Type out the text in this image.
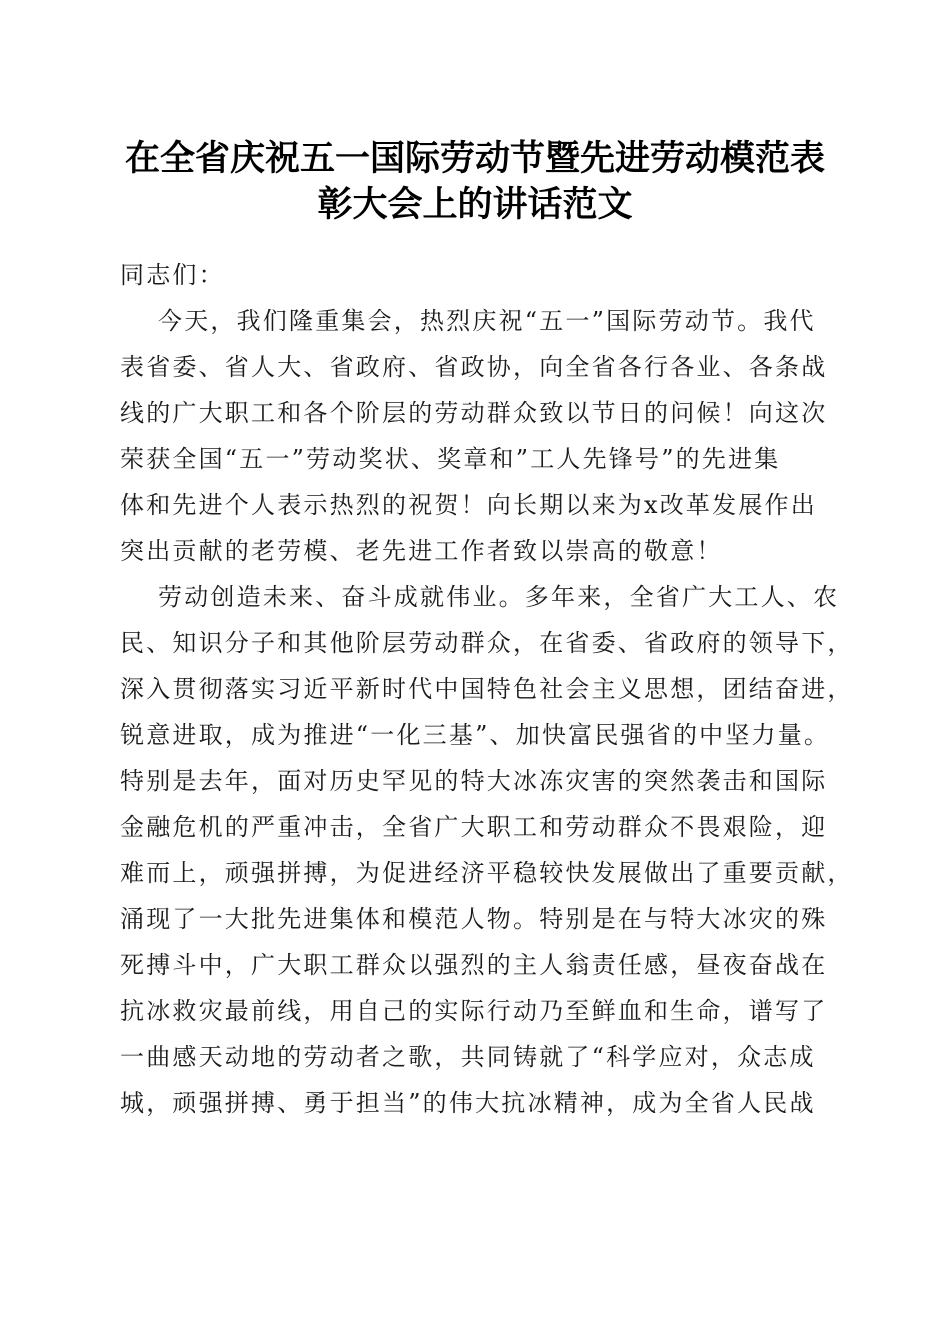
在全省庆祝五一国际劳动节暨先进劳动模范表
彰大会上的讲话范文
同志们：
今天，我们隆重集会，热烈庆祝“五一”国际劳动节。我代
表省委、省人大、省政府、省政协，向全省各行各业、各条战
线的广大职工和各个阶层的劳动群众致以节日的问候！向这次
荣获全国“五一”劳动奖状、奖章和”工人先锋号”的先进集
体和先进个人表示热烈的祝贺！向长期以来为x改革发展作出
突出贡献的老劳模、老先进工作者致以崇高的敬意！
劳动创造未来、奋斗成就伟业。多年来，全省广大工人、农
民、知识分子和其他阶层劳动群众，在省委、省政府的领导下，
深入贯彻落实习近平新时代中国特色社会主义思想，团结奋进，
锐意进取，成为推进“一化三基”、加快富民强省的中坚力量。
特别是去年，面对历史罕见的特大冰冻灾害的突然袭击和国际
金融危机的严重冲击，全省广大职工和劳动群众不畏艰险，迎
难而上，顽强拼搏，为促进经济平稳较快发展做出了重要贡献，
涌现了一大批先进集体和模范人物。特别是在与特大冰灾的殊
死搏斗中，广大职工群众以强烈的主人翁责任感，昼夜奋战在
抗冰救灾最前线，用自己的实际行动乃至鲜血和生命，谱写了
一曲感天动地的劳动者之歌，共同铸就了“科学应对，众志成
城，顽强拼搏、勇于担当”的伟大抗冰精神，成为全省人民战
